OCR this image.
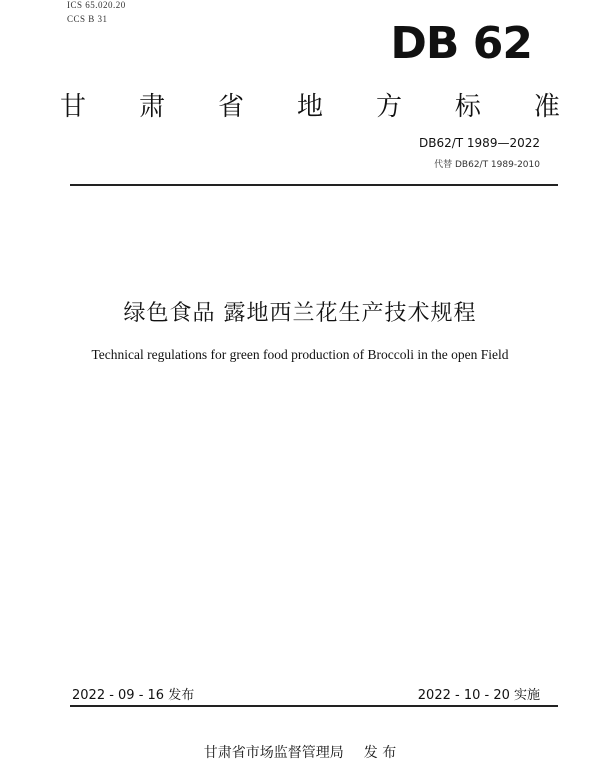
ICS 65.020.20
CCS B 31	DB 62
甘 肃 省 地 方 标 准
DB62/T 1989—2022
代替 DB62/T 1989-2010
绿色食品 露地西兰花生产技术规程
Technical regulations for green food production of Broccoli in the open Field
2022 - 09 - 16 发布	2022 - 10 - 20 实施
甘肃省市场监督管理局 发 布
